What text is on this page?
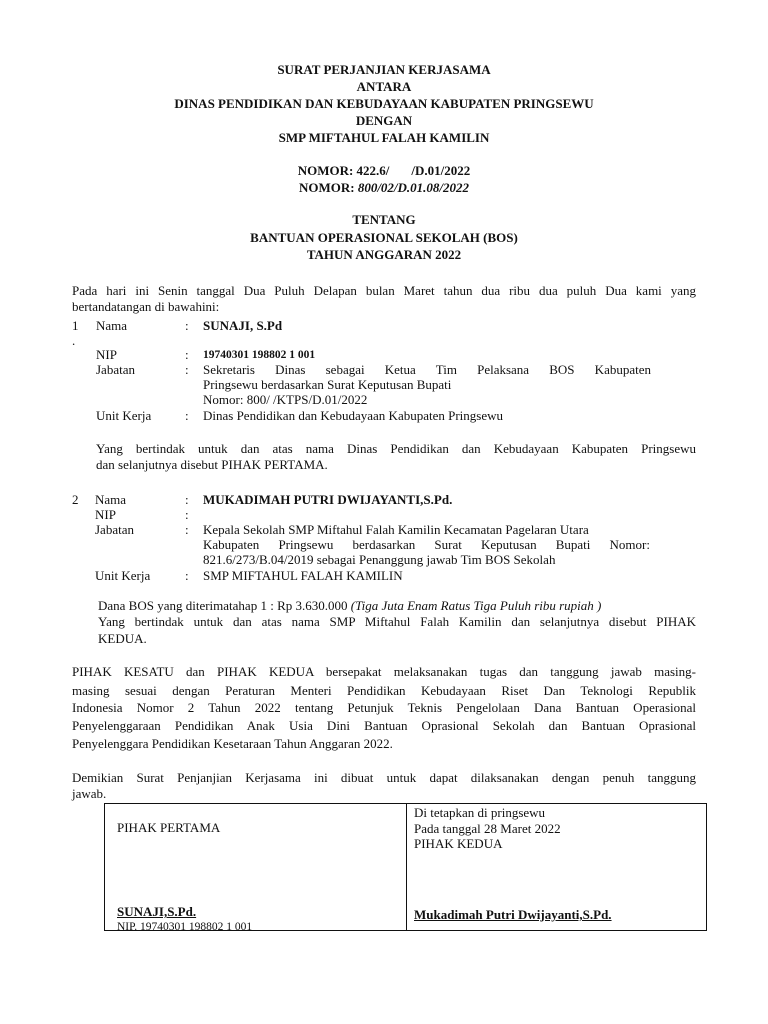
SURAT PERJANJIAN KERJASAMA
ANTARA
DINAS PENDIDIKAN DAN KEBUDAYAAN KABUPATEN PRINGSEWU
DENGAN
SMP MIFTAHUL FALAH KAMILIN
NOMOR: 422.6/ /D.01/2022
NOMOR: 800/02/D.01.08/2022
TENTANG
BANTUAN OPERASIONAL SEKOLAH (BOS)
TAHUN ANGGARAN 2022
Pada hari ini Senin tanggal Dua Puluh Delapan bulan Maret tahun dua ribu dua puluh Dua kami yang
bertandatangan di bawahini:
1
.
Nama	: SUNAJI, S.Pd
NIP	: 19740301 198802 1 001
Jabatan	: Sekretaris Dinas sebagai Ketua Tim Pelaksana BOS Kabupaten
Pringsewu berdasarkan Surat Keputusan Bupati
Nomor: 800/ /KTPS/D.01/2022
Unit Kerja	: Dinas Pendidikan dan Kebudayaan Kabupaten Pringsewu
Yang bertindak untuk dan atas nama Dinas Pendidikan dan Kebudayaan Kabupaten Pringsewu
dan selanjutnya disebut PIHAK PERTAMA.
2 Nama	: MUKADIMAH PUTRI DWIJAYANTI,S.Pd.
NIP	:
Jabatan	: Kepala Sekolah SMP Miftahul Falah Kamilin Kecamatan Pagelaran Utara
Kabupaten Pringsewu berdasarkan Surat Keputusan Bupati Nomor:
821.6/273/B.04/2019 sebagai Penanggung jawab Tim BOS Sekolah
Unit Kerja	: SMP MIFTAHUL FALAH KAMILIN
Dana BOS yang diterimatahap 1 : Rp 3.630.000 (Tiga Juta Enam Ratus Tiga Puluh ribu rupiah )
Yang bertindak untuk dan atas nama SMP Miftahul Falah Kamilin dan selanjutnya disebut PIHAK
KEDUA.
PIHAK KESATU dan PIHAK KEDUA bersepakat melaksanakan tugas dan tanggung jawab masing-
masing sesuai dengan Peraturan Menteri Pendidikan Kebudayaan Riset Dan Teknologi Republik
Indonesia Nomor 2 Tahun 2022 tentang Petunjuk Teknis Pengelolaan Dana Bantuan Operasional
Penyelenggaraan Pendidikan Anak Usia Dini Bantuan Oprasional Sekolah dan Bantuan Oprasional
Penyelenggara Pendidikan Kesetaraan Tahun Anggaran 2022.
Demikian Surat Penjanjian Kerjasama ini dibuat untuk dapat dilaksanakan dengan penuh tanggung
jawab.
PIHAK PERTAMA
SUNAJI,S.Pd.
NIP. 19740301 198802 1 001
Di tetapkan di pringsewu
Pada tanggal 28 Maret 2022
PIHAK KEDUA
Mukadimah Putri Dwijayanti,S.Pd.
